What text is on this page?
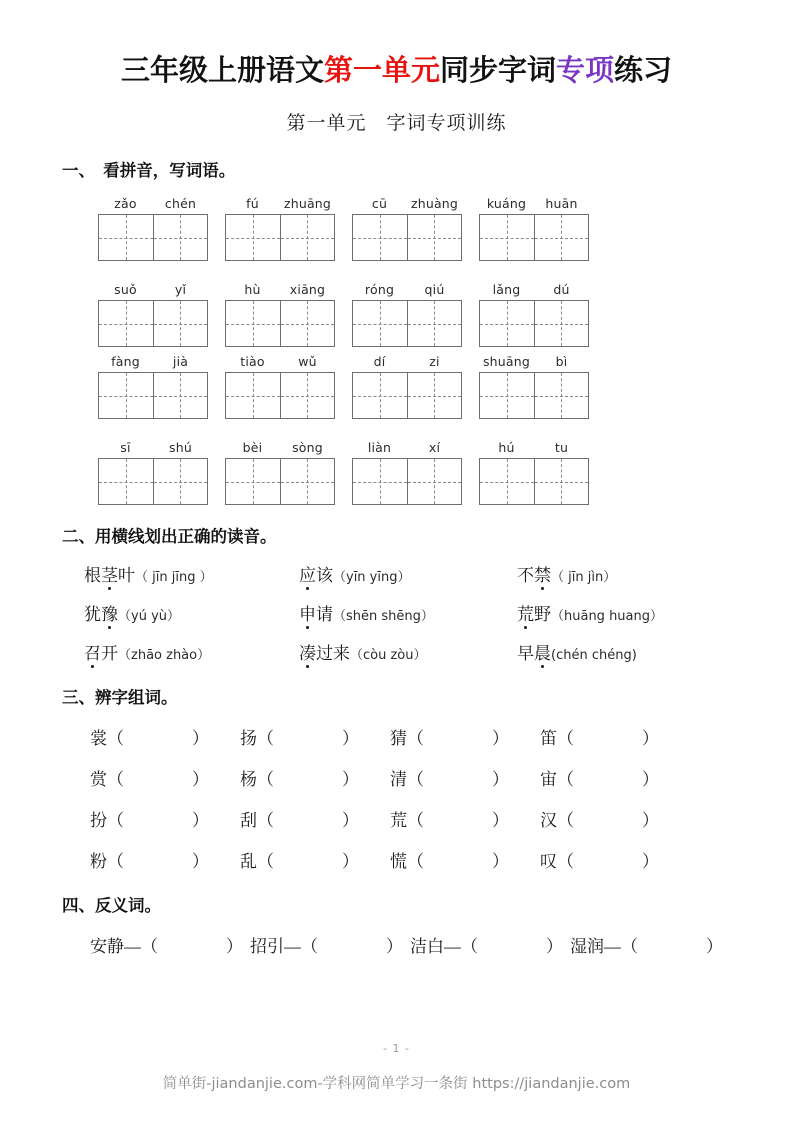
三年级上册语文第一单元同步字词专项练习
第一单元　字词专项训练
一、　看拼音，写词语。
zǎo	chén	fú	zhuāng	cū	zhuàng	kuáng	huān
suǒ	yǐ	hù	xiāng	róng	qiú	lǎng	dú
fàng	jià	tiào	wǔ	dí	zi	shuāng	bì
sī	shú	bèi	sòng	liàn	xí	hú	tu
二、用横线划出正确的读音。
根茎叶（ jīn jīng ）	应该（yīn yīng）	不禁（ jīn jìn）
犹豫（yú yù）	申请（shēn shēng）	荒野（huāng huang）
召开（zhāo zhào）	凑过来（còu zòu）	早晨(chén chéng)
三、辨字组词。
裳（　　　　）	扬（　　　　）	猜（　　　　）	笛（　　　　）
赏（　　　　）	杨（　　　　）	清（　　　　）	宙（　　　　）
扮（　　　　）	刮（　　　　）	荒（　　　　）	汉（　　　　）
粉（　　　　）	乱（　　　　）	慌（　　　　）	叹（　　　　）
四、反义词。
安静—（　　　　） 招引—（　　　　） 洁白—（　　　　） 湿润—（　　　　）
- 1 -
简单街-jiandanjie.com-学科网简单学习一条街 https://jiandanjie.com
